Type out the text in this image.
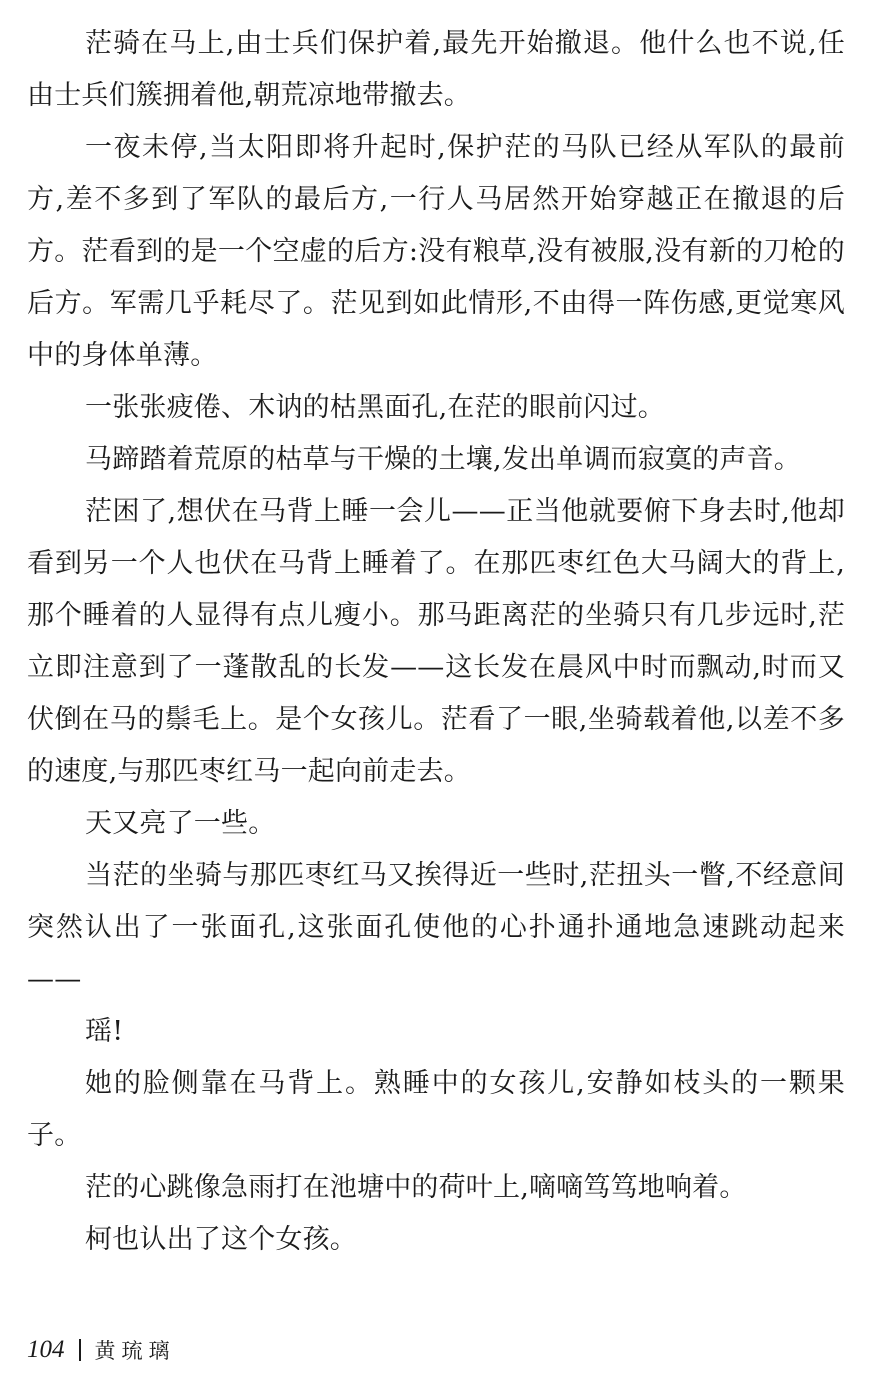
茫骑在马上,由士兵们保护着,最先开始撤退。他什么也不说,任由士兵们簇拥着他,朝荒凉地带撤去。

一夜未停,当太阳即将升起时,保护茫的马队已经从军队的最前方,差不多到了军队的最后方,一行人马居然开始穿越正在撤退的后方。茫看到的是一个空虚的后方:没有粮草,没有被服,没有新的刀枪的后方。军需几乎耗尽了。茫见到如此情形,不由得一阵伤感,更觉寒风中的身体单薄。

一张张疲倦、木讷的枯黑面孔,在茫的眼前闪过。

马蹄踏着荒原的枯草与干燥的土壤,发出单调而寂寞的声音。

茫困了,想伏在马背上睡一会儿——正当他就要俯下身去时,他却看到另一个人也伏在马背上睡着了。在那匹枣红色大马阔大的背上,那个睡着的人显得有点儿瘦小。那马距离茫的坐骑只有几步远时,茫立即注意到了一蓬散乱的长发——这长发在晨风中时而飘动,时而又伏倒在马的鬃毛上。是个女孩儿。茫看了一眼,坐骑载着他,以差不多的速度,与那匹枣红马一起向前走去。

天又亮了一些。

当茫的坐骑与那匹枣红马又挨得近一些时,茫扭头一瞥,不经意间突然认出了一张面孔,这张面孔使他的心扑通扑通地急速跳动起来——

瑶!

她的脸侧靠在马背上。熟睡中的女孩儿,安静如枝头的一颗果子。

茫的心跳像急雨打在池塘中的荷叶上,嘀嘀笃笃地响着。

柯也认出了这个女孩。

104 黄琉璃
